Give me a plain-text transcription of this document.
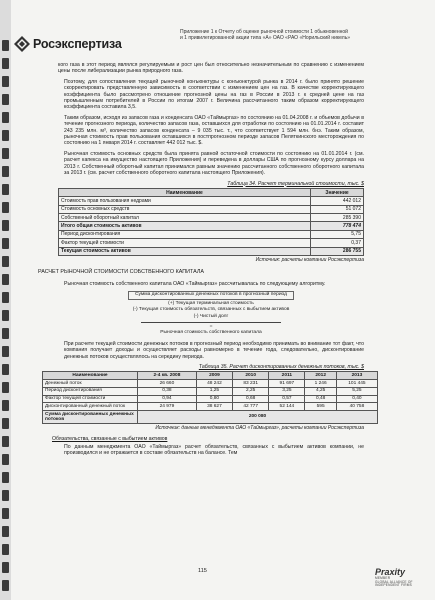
Росэкспертиза
Приложение 1 к Отчету об оценке рыночной стоимости 1 обыкновенной
и 1 привилегированной акции типа «А» ОАО «РАО «Норильский никель»

кого газа в этот период являлся регулируемым и рост цен был относительно незначительным по сравнению с изменением цены после либерализации рынка природного газа.

Поэтому, для сопоставления текущей рыночной конъюнктуры с конъюнктурой рынка в 2014 г. было принято решение скорректировать представленную зависимость в соответствии с изменением цен на газ. В качестве корректирующего коэффициента было рассмотрено отношение прогнозной цены на газ в России в 2013 г. к средней цене на газ промышленным потребителей в России по итогам 2007 г. Величина рассчитанного таким образом корректирующего коэффициента составила 3,5.

Таким образом, исходя из запасов газа и конденсата ОАО «Таймыргаз» по состоянию на 01.04.2008 г. и объемов добычи в течение прогнозного периода, количество запасов газа, оставшихся для отработки по состоянию на 01.01.2014 г. составит 243 235 млн. м³, количество запасов конденсата – 9 035 тыс. т., что соответствует 1 594 млн. бнэ. Таким образом, рыночная стоимость прав пользования оставшихся в постпрогнозном периоде запасов Пеляткинского месторождения по состоянию на 1 января 2014 г. составляет 442 012 тыс. $.

Рыночная стоимость основных средств была принята равной остаточной стоимости по состоянию на 01.01.2014 г. (см. расчет капекса на имущество настоящего Приложения) и переведена в доллары США по прогнозному курсу доллара на 2013 г. Собственный оборотный капитал принимался равным значению рассчитанного собственного оборотного капитала за 2013 г. (см. расчет собственного оборотного капитала настоящего Приложения).

Таблица 34. Расчет терминальной стоимости, тыс. $
Наименование	Значение
Стоимость прав пользования недрами	442 012
Стоимость основных средств	51 072
Собственный оборотный капитал	285 390
Итого общая стоимость активов	778 474
Период дисконтирования	5,75
Фактор текущей стоимости	0,37
Текущая стоимость активов	286 755
Источник: расчеты компании Росэкспертиза
РАСЧЕТ РЫНОЧНОЙ СТОИМОСТИ СОБСТВЕННОГО КАПИТАЛА

Рыночная стоимость собственного капитала ОАО «Таймыргаз» рассчитывалась по следующему алгоритму.

Сумма дисконтированных денежных потоков в прогнозный период
(+) Текущая терминальная стоимость
(-) Текущая стоимость обязательств, связанных с выбытием активов
(-) Чистый долг
=
Рыночная стоимость собственного капитала

При расчете текущей стоимости денежных потоков в прогнозный период необходимо принимать во внимание тот факт, что компания получает доходы и осуществляет расходы равномерно в течение года, следовательно, дисконтирование денежных потоков осуществлялось на середину периода.

Таблица 35. Расчет дисконтированных денежных потоков, тыс. $
Наименование	2-4 кв. 2008	2009	2010	2011	2012	2013
Денежный поток	26 660	48 242	83 231	91 697	1 246	101 445
Период дисконтирования	0,38	1,25	2,25	3,25	4,25	5,25
Фактор текущей стоимости	0,94	0,80	0,68	0,57	0,48	0,40
Дисконтированный денежный поток	24 979	38 627	42 777	52 144	595	40 758
Сумма дисконтированных денежных потоков	200 080					
Источник: данные менеджмента ОАО «Таймыргаз», расчеты компании Росэкспертиза
Обязательства, связанные с выбытием активов

По данным менеджмента ОАО «Таймыргаз» расчет обязательств, связанных с выбытием активов компании, не производился и не отражается в составе обязательств на балансе. Тем

115	Praxity
MEMBER
GLOBAL ALLIANCE OF
INDEPENDENT FIRMS
